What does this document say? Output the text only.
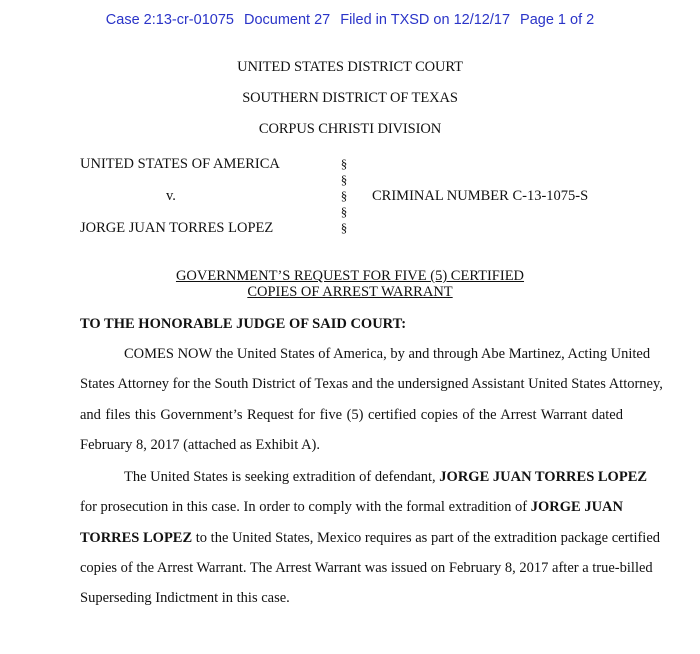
Case 2:13-cr-01075 Document 27 Filed in TXSD on 12/12/17 Page 1 of 2
UNITED STATES DISTRICT COURT
SOUTHERN DISTRICT OF TEXAS
CORPUS CHRISTI DIVISION
UNITED STATES OF AMERICA
v.
JORGE JUAN TORRES LOPEZ
§
§
§
§
§
CRIMINAL NUMBER C-13-1075-S
GOVERNMENT’S REQUEST FOR FIVE (5) CERTIFIED
COPIES OF ARREST WARRANT
TO THE HONORABLE JUDGE OF SAID COURT:
COMES NOW the United States of America, by and through Abe Martinez, Acting United
States Attorney for the South District of Texas and the undersigned Assistant United States Attorney,
and files this Government’s Request for five (5) certified copies of the Arrest Warrant dated
February 8, 2017 (attached as Exhibit A).
The United States is seeking extradition of defendant, JORGE JUAN TORRES LOPEZ
for prosecution in this case. In order to comply with the formal extradition of JORGE JUAN
TORRES LOPEZ to the United States, Mexico requires as part of the extradition package certified
copies of the Arrest Warrant. The Arrest Warrant was issued on February 8, 2017 after a true-billed
Superseding Indictment in this case.
